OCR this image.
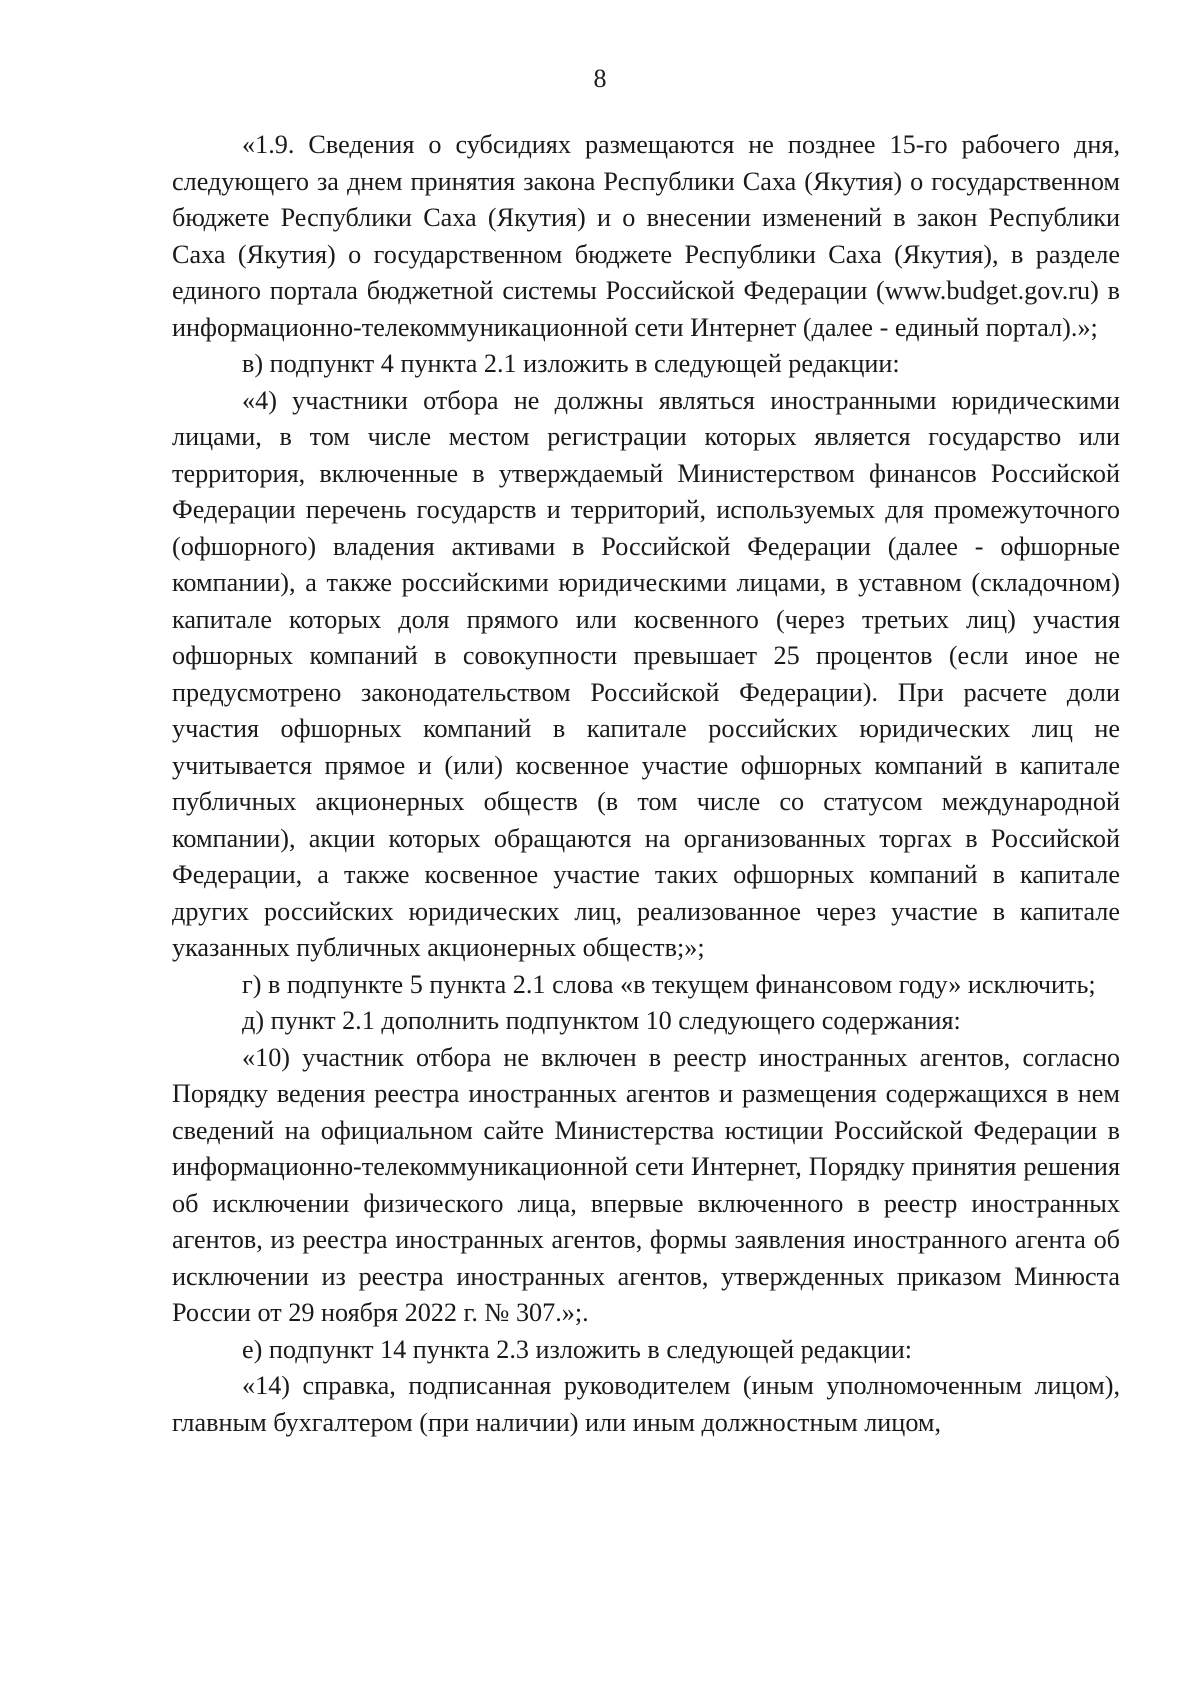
8

«1.9. Сведения о субсидиях размещаются не позднее 15-го рабочего дня, следующего за днем принятия закона Республики Саха (Якутия) о государственном бюджете Республики Саха (Якутия) и о внесении изменений в закон Республики Саха (Якутия) о государственном бюджете Республики Саха (Якутия), в разделе единого портала бюджетной системы Российской Федерации (www.budget.gov.ru) в информационно-телекоммуникационной сети Интернет (далее - единый портал).»;

в) подпункт 4 пункта 2.1 изложить в следующей редакции:

«4) участники отбора не должны являться иностранными юридическими лицами, в том числе местом регистрации которых является государство или территория, включенные в утверждаемый Министерством финансов Российской Федерации перечень государств и территорий, используемых для промежуточного (офшорного) владения активами в Российской Федерации (далее - офшорные компании), а также российскими юридическими лицами, в уставном (складочном) капитале которых доля прямого или косвенного (через третьих лиц) участия офшорных компаний в совокупности превышает 25 процентов (если иное не предусмотрено законодательством Российской Федерации). При расчете доли участия офшорных компаний в капитале российских юридических лиц не учитывается прямое и (или) косвенное участие офшорных компаний в капитале публичных акционерных обществ (в том числе со статусом международной компании), акции которых обращаются на организованных торгах в Российской Федерации, а также косвенное участие таких офшорных компаний в капитале других российских юридических лиц, реализованное через участие в капитале указанных публичных акционерных обществ;»;

г) в подпункте 5 пункта 2.1 слова «в текущем финансовом году» исключить;

д) пункт 2.1 дополнить подпунктом 10 следующего содержания:

«10) участник отбора не включен в реестр иностранных агентов, согласно Порядку ведения реестра иностранных агентов и размещения содержащихся в нем сведений на официальном сайте Министерства юстиции Российской Федерации в информационно-телекоммуникационной сети Интернет, Порядку принятия решения об исключении физического лица, впервые включенного в реестр иностранных агентов, из реестра иностранных агентов, формы заявления иностранного агента об исключении из реестра иностранных агентов, утвержденных приказом Минюста России от 29 ноября 2022 г. № 307.»;.

е) подпункт 14 пункта 2.3 изложить в следующей редакции:

«14) справка, подписанная руководителем (иным уполномоченным лицом), главным бухгалтером (при наличии) или иным должностным лицом,
